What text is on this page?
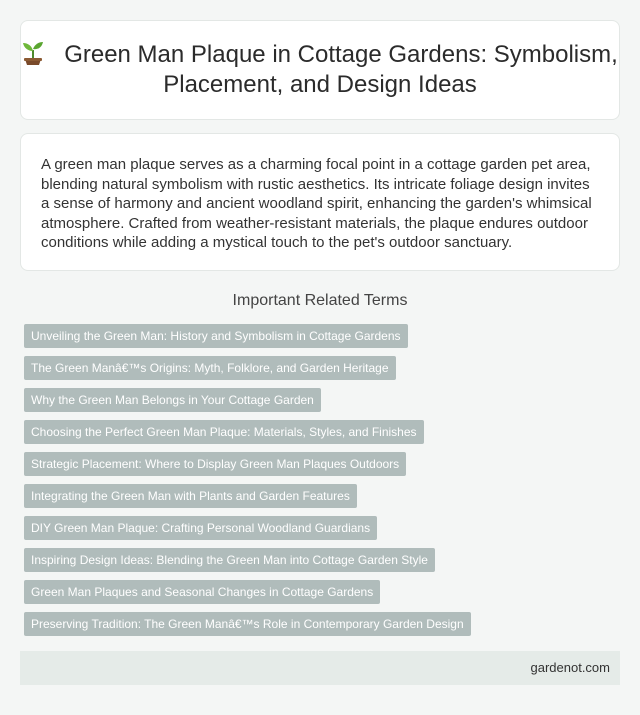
Green Man Plaque in Cottage Gardens: Symbolism, Placement, and Design Ideas

A green man plaque serves as a charming focal point in a cottage garden pet area, blending natural symbolism with rustic aesthetics. Its intricate foliage design invites a sense of harmony and ancient woodland spirit, enhancing the garden's whimsical atmosphere. Crafted from weather-resistant materials, the plaque endures outdoor conditions while adding a mystical touch to the pet's outdoor sanctuary.

Important Related Terms
Unveiling the Green Man: History and Symbolism in Cottage Gardens
The Green Manâ€™s Origins: Myth, Folklore, and Garden Heritage
Why the Green Man Belongs in Your Cottage Garden
Choosing the Perfect Green Man Plaque: Materials, Styles, and Finishes
Strategic Placement: Where to Display Green Man Plaques Outdoors
Integrating the Green Man with Plants and Garden Features
DIY Green Man Plaque: Crafting Personal Woodland Guardians
Inspiring Design Ideas: Blending the Green Man into Cottage Garden Style
Green Man Plaques and Seasonal Changes in Cottage Gardens
Preserving Tradition: The Green Manâ€™s Role in Contemporary Garden Design
gardenot.com
